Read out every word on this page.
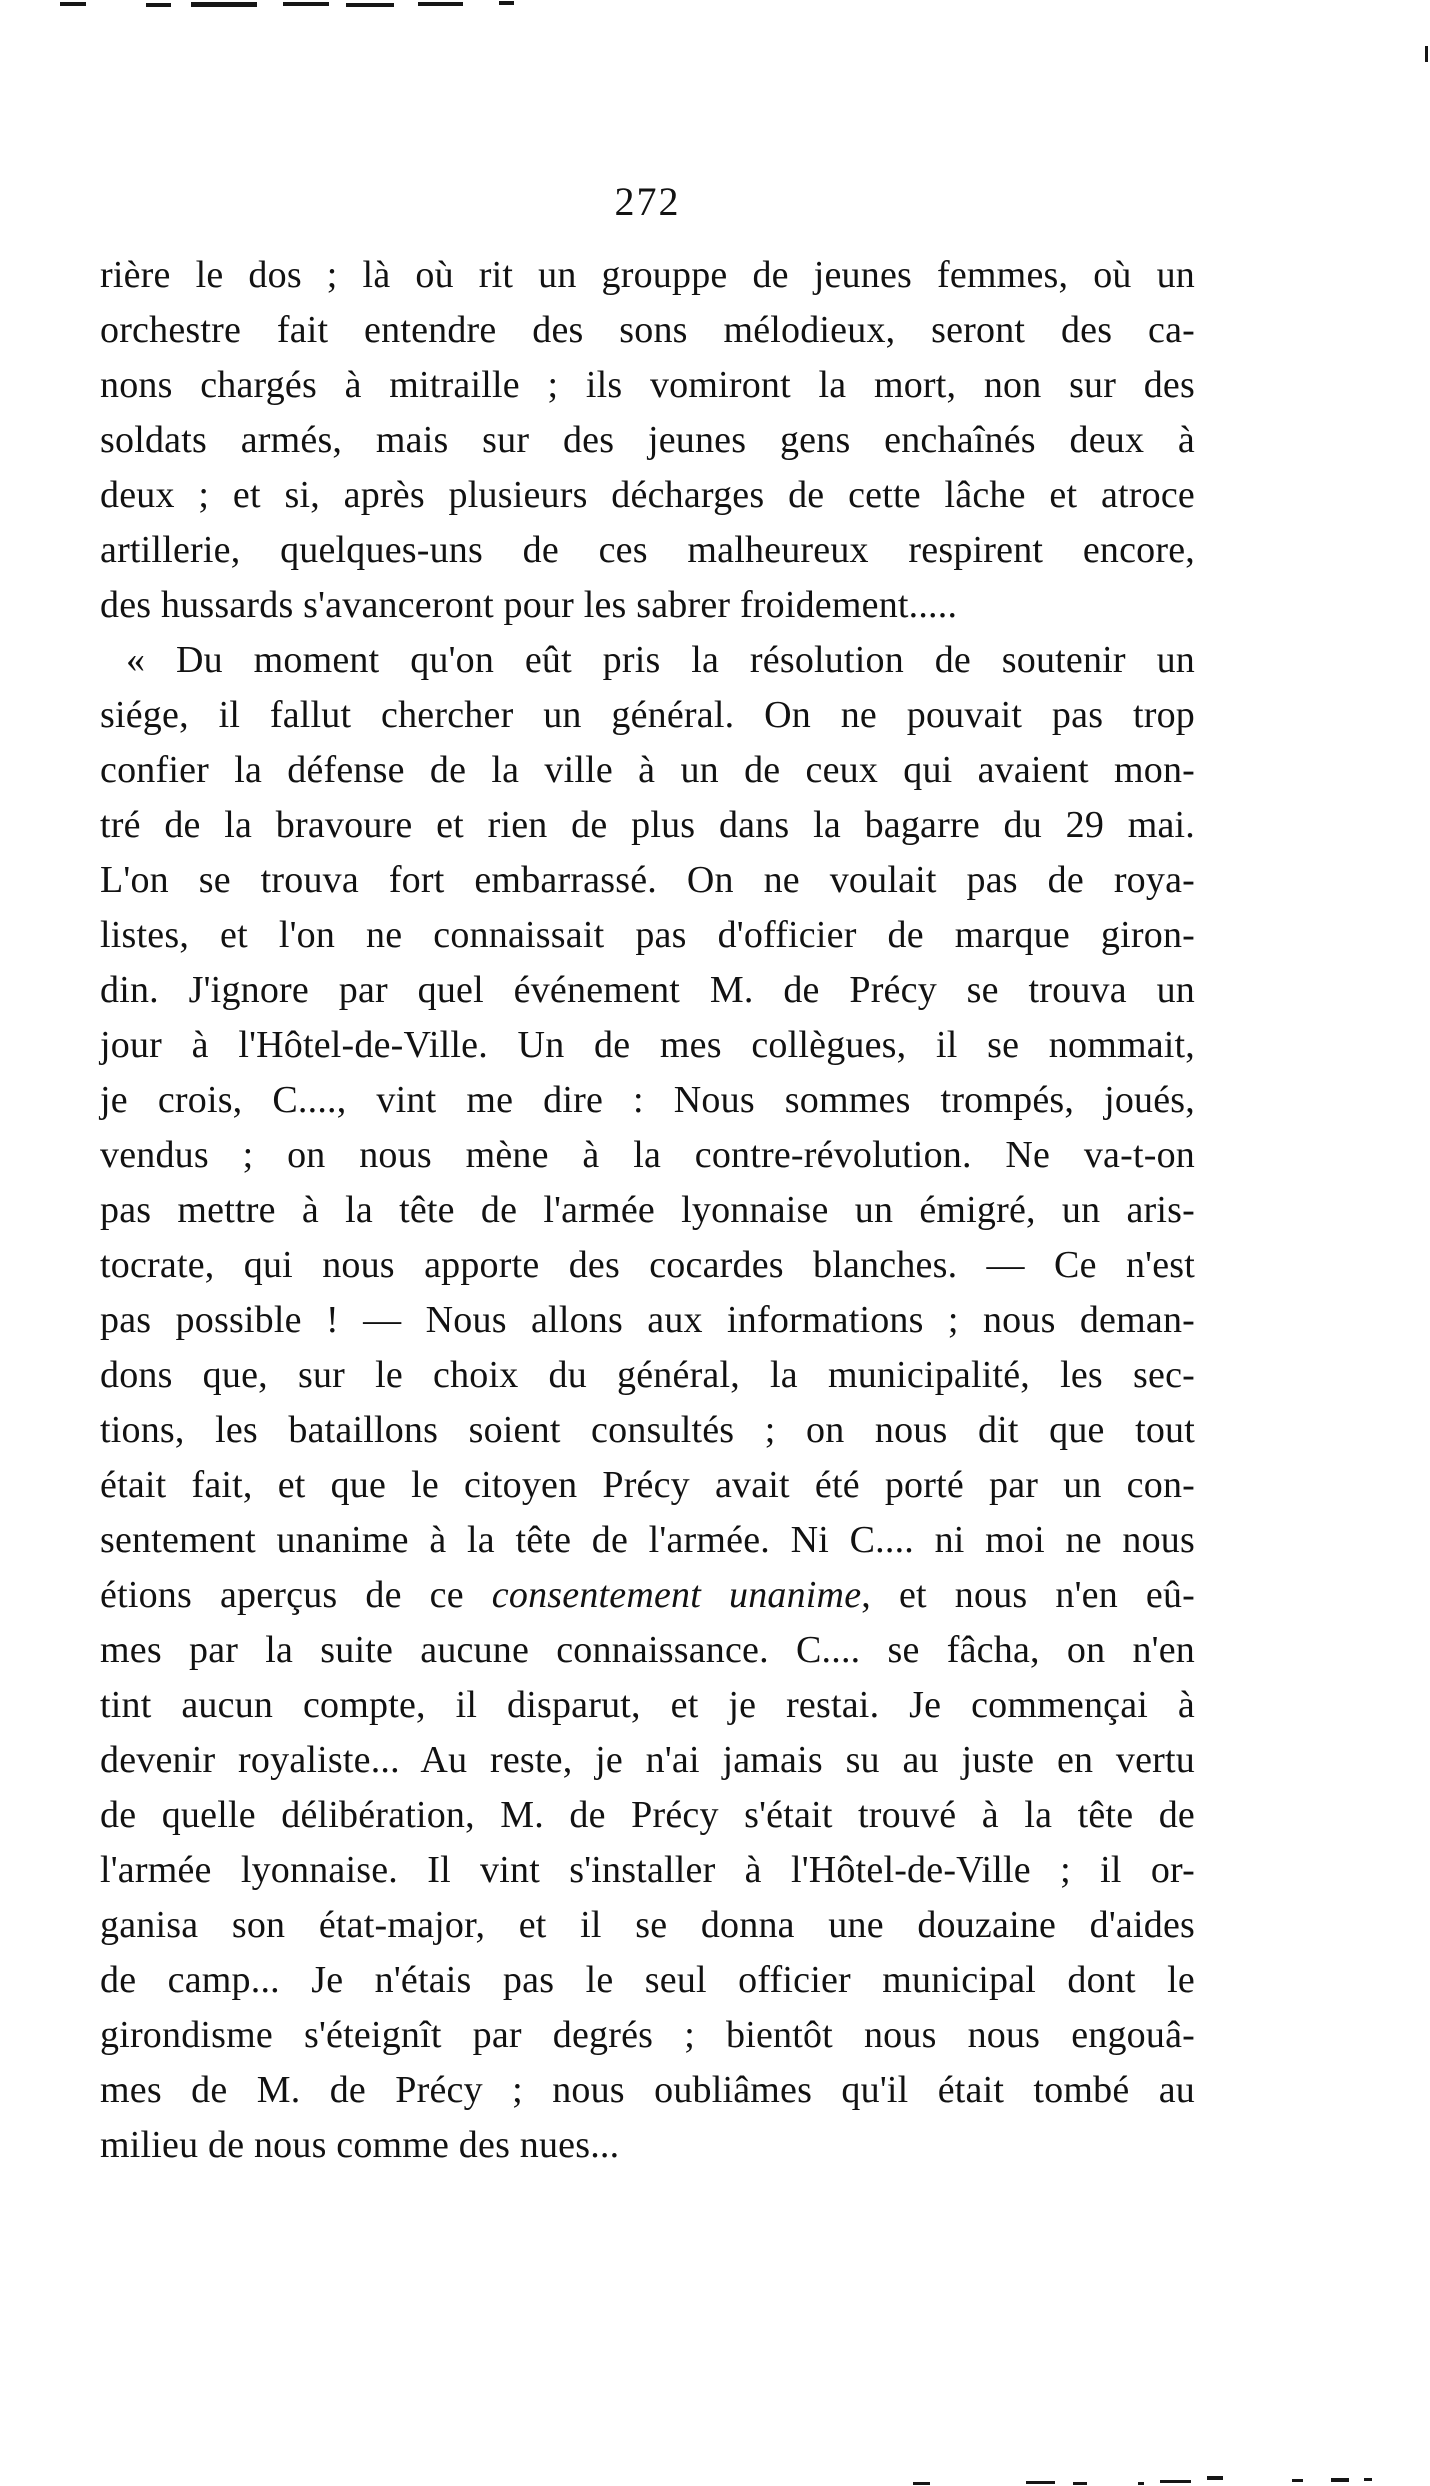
272
rière le dos ; là où rit un grouppe de jeunes femmes, où un
orchestre fait entendre des sons mélodieux, seront des ca-
nons chargés à mitraille ; ils vomiront la mort, non sur des
soldats armés, mais sur des jeunes gens enchaînés deux à
deux ; et si, après plusieurs décharges de cette lâche et atroce
artillerie, quelques-uns de ces malheureux respirent encore,
des hussards s'avanceront pour les sabrer froidement.....
« Du moment qu'on eût pris la résolution de soutenir un
siége, il fallut chercher un général. On ne pouvait pas trop
confier la défense de la ville à un de ceux qui avaient mon-
tré de la bravoure et rien de plus dans la bagarre du 29 mai.
L'on se trouva fort embarrassé. On ne voulait pas de roya-
listes, et l'on ne connaissait pas d'officier de marque giron-
din. J'ignore par quel événement M. de Précy se trouva un
jour à l'Hôtel-de-Ville. Un de mes collègues, il se nommait,
je crois, C...., vint me dire : Nous sommes trompés, joués,
vendus ; on nous mène à la contre-révolution. Ne va-t-on
pas mettre à la tête de l'armée lyonnaise un émigré, un aris-
tocrate, qui nous apporte des cocardes blanches. — Ce n'est
pas possible ! — Nous allons aux informations ; nous deman-
dons que, sur le choix du général, la municipalité, les sec-
tions, les bataillons soient consultés ; on nous dit que tout
était fait, et que le citoyen Précy avait été porté par un con-
sentement unanime à la tête de l'armée. Ni C.... ni moi ne nous
étions aperçus de ce consentement unanime, et nous n'en eû-
mes par la suite aucune connaissance. C.... se fâcha, on n'en
tint aucun compte, il disparut, et je restai. Je commençai à
devenir royaliste... Au reste, je n'ai jamais su au juste en vertu
de quelle délibération, M. de Précy s'était trouvé à la tête de
l'armée lyonnaise. Il vint s'installer à l'Hôtel-de-Ville ; il or-
ganisa son état-major, et il se donna une douzaine d'aides
de camp... Je n'étais pas le seul officier municipal dont le
girondisme s'éteignît par degrés ; bientôt nous nous engouâ-
mes de M. de Précy ; nous oubliâmes qu'il était tombé au
milieu de nous comme des nues...
